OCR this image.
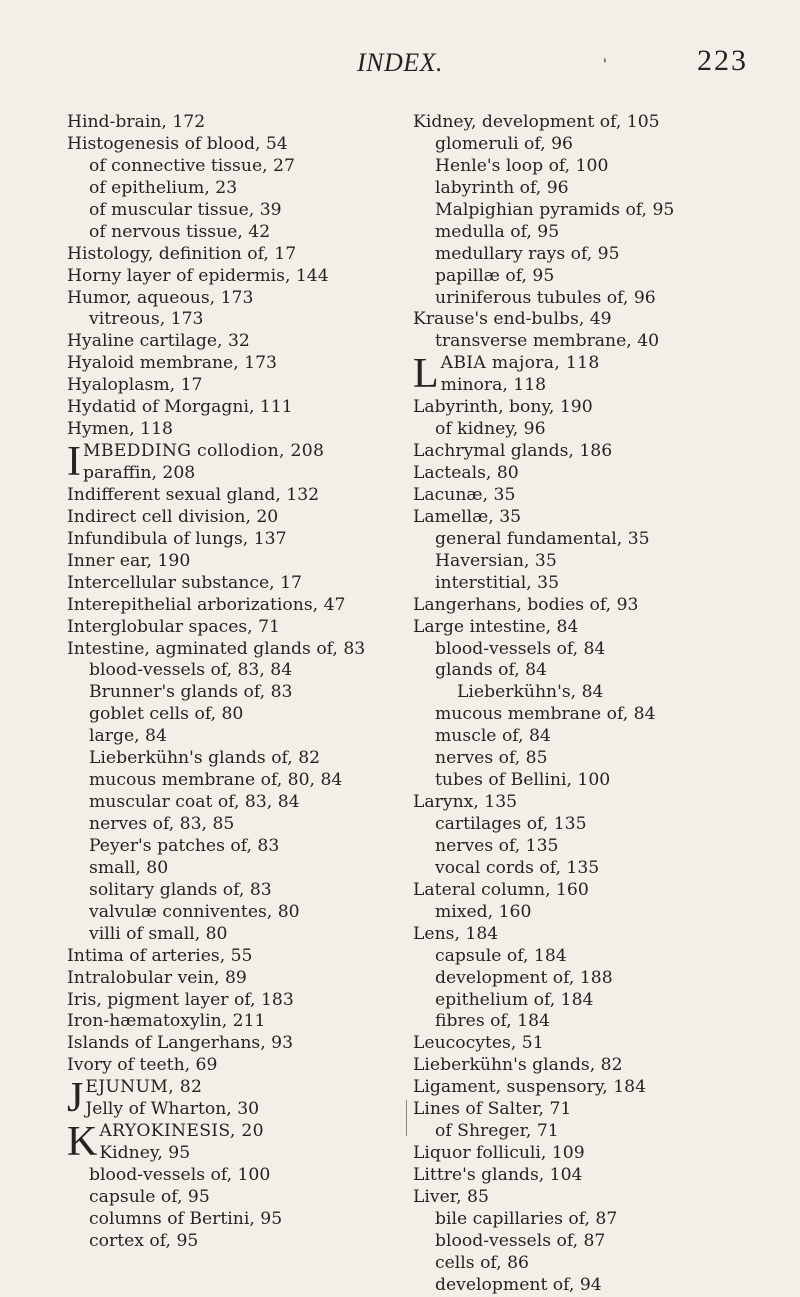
INDEX.	'	223
Hind-brain, 172
Histogenesis of blood, 54
of connective tissue, 27
of epithelium, 23
of muscular tissue, 39
of nervous tissue, 42
Histology, definition of, 17
Horny layer of epidermis, 144
Humor, aqueous, 173
vitreous, 173
Hyaline cartilage, 32
Hyaloid membrane, 173
Hyaloplasm, 17
Hydatid of Morgagni, 111
Hymen, 118
I MBEDDING collodion, 208
paraffin, 208
Indifferent sexual gland, 132
Indirect cell division, 20
Infundibula of lungs, 137
Inner ear, 190
Intercellular substance, 17
Interepithelial arborizations, 47
Interglobular spaces, 71
Intestine, agminated glands of, 83
blood-vessels of, 83, 84
Brunner's glands of, 83
goblet cells of, 80
large, 84
Lieberkühn's glands of, 82
mucous membrane of, 80, 84
muscular coat of, 83, 84
nerves of, 83, 85
Peyer's patches of, 83
small, 80
solitary glands of, 83
valvulæ conniventes, 80
villi of small, 80
Intima of arteries, 55
Intralobular vein, 89
Iris, pigment layer of, 183
Iron-hæmatoxylin, 211
Islands of Langerhans, 93
Ivory of teeth, 69
J EJUNUM, 82
Jelly of Wharton, 30
K ARYOKINESIS, 20
Kidney, 95
blood-vessels of, 100
capsule of, 95
columns of Bertini, 95
cortex of, 95
Kidney, development of, 105
glomeruli of, 96
Henle's loop of, 100
labyrinth of, 96
Malpighian pyramids of, 95
medulla of, 95
medullary rays of, 95
papillæ of, 95
uriniferous tubules of, 96
Krause's end-bulbs, 49
transverse membrane, 40
L ABIA majora, 118
minora, 118
Labyrinth, bony, 190
of kidney, 96
Lachrymal glands, 186
Lacteals, 80
Lacunæ, 35
Lamellæ, 35
general fundamental, 35
Haversian, 35
interstitial, 35
Langerhans, bodies of, 93
Large intestine, 84
blood-vessels of, 84
glands of, 84
Lieberkühn's, 84
mucous membrane of, 84
muscle of, 84
nerves of, 85
tubes of Bellini, 100
Larynx, 135
cartilages of, 135
nerves of, 135
vocal cords of, 135
Lateral column, 160
mixed, 160
Lens, 184
capsule of, 184
development of, 188
epithelium of, 184
fibres of, 184
Leucocytes, 51
Lieberkühn's glands, 82
Ligament, suspensory, 184
Lines of Salter, 71
of Shreger, 71
Liquor folliculi, 109
Littre's glands, 104
Liver, 85
bile capillaries of, 87
blood-vessels of, 87
cells of, 86
development of, 94
